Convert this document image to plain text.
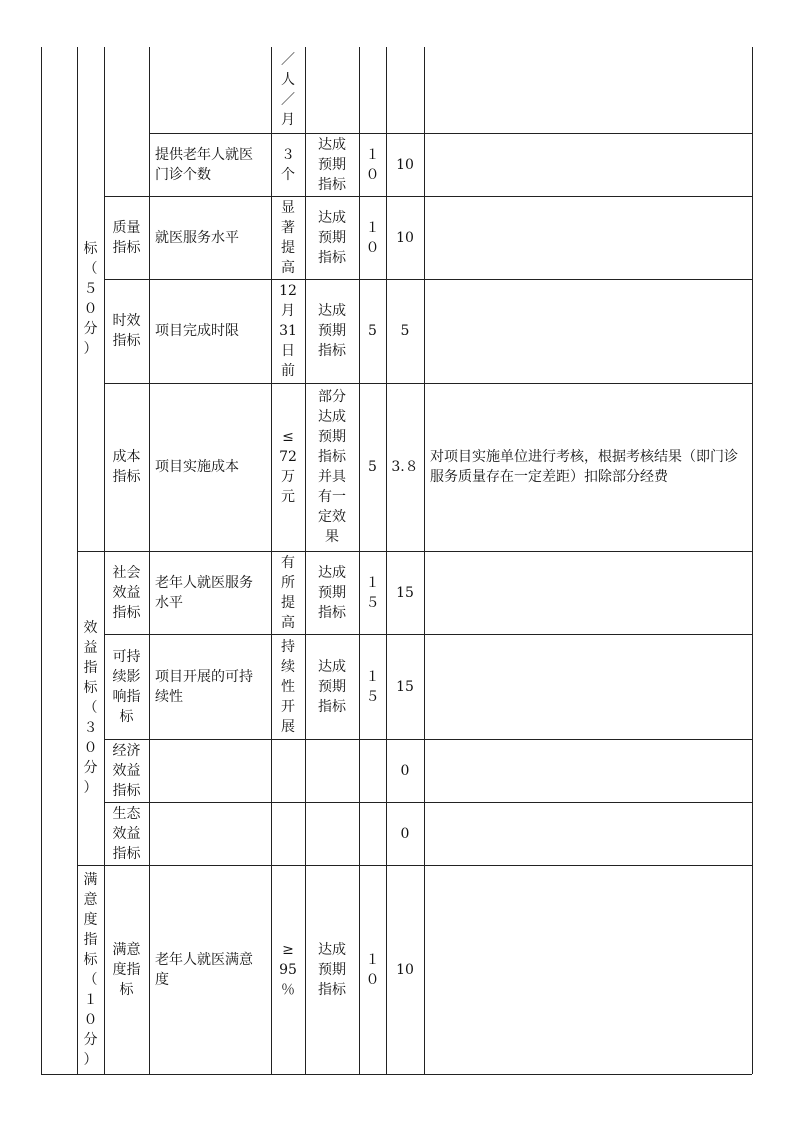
标
（
５
０
分
）
效
益
指
标
（
３
０
分
）
满
意
度
指
标
（
１
０
分
）
／
人
／
月
提供老年人就医门诊个数
３
个
达成
预期
指标
１
０
10
质量
指标
就医服务水平
显
著
提
高
达成
预期
指标
１
０
10
时效
指标
项目完成时限
12
月
31
日
前
达成
预期
指标
5 5
成本
指标
项目实施成本
≤
72
万
元
部分
达成
预期
指标
并具
有一
定效
果
5 3.８
对项目实施单位进行考核，根据考核结果（即门诊服务质量存在一定差距）扣除部分经费
社会
效益
指标
老年人就医服务水平
有
所
提
高
达成
预期
指标
１
５
15
可持
续影
响指
标
项目开展的可持续性
持
续
性
开
展
达成
预期
指标
１
５
15
经济
效益
指标
0
生态
效益
指标
0
满意
度指
标
老年人就医满意度
≥
95
％
达成
预期
指标
１
０
10
